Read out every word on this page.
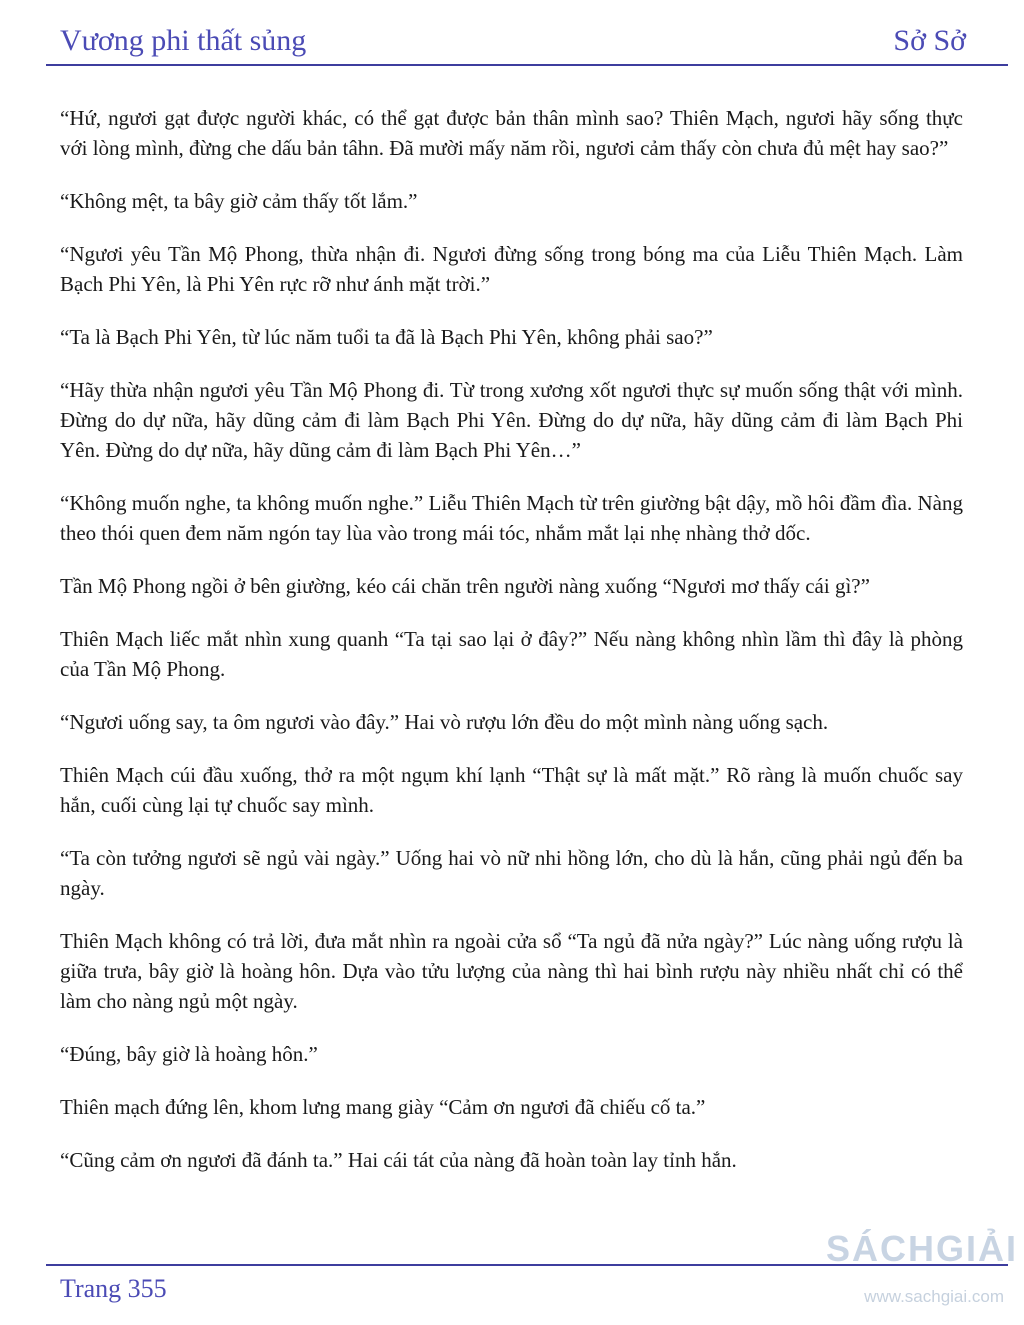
Vương phi thất sủng	Sở Sở

“Hứ, ngươi gạt được người khác, có thể gạt được bản thân mình sao? Thiên Mạch, ngươi hãy sống thực với lòng mình, đừng che dấu bản tâhn. Đã mười mấy năm rồi, ngươi cảm thấy còn chưa đủ mệt hay sao?”

“Không mệt, ta bây giờ cảm thấy tốt lắm.”

“Ngươi yêu Tần Mộ Phong, thừa nhận đi. Ngươi đừng sống trong bóng ma của Liễu Thiên Mạch. Làm Bạch Phi Yên, là Phi Yên rực rỡ như ánh mặt trời.”

“Ta là Bạch Phi Yên, từ lúc năm tuổi ta đã là Bạch Phi Yên, không phải sao?”

“Hãy thừa nhận ngươi yêu Tần Mộ Phong đi. Từ trong xương xốt ngươi thực sự muốn sống thật với mình. Đừng do dự nữa, hãy dũng cảm đi làm Bạch Phi Yên. Đừng do dự nữa, hãy dũng cảm đi làm Bạch Phi Yên. Đừng do dự nữa, hãy dũng cảm đi làm Bạch Phi Yên…”

“Không muốn nghe, ta không muốn nghe.” Liễu Thiên Mạch từ trên giường bật dậy, mồ hôi đầm đìa. Nàng theo thói quen đem năm ngón tay lùa vào trong mái tóc, nhắm mắt lại nhẹ nhàng thở dốc.

Tần Mộ Phong ngồi ở bên giường, kéo cái chăn trên người nàng xuống “Ngươi mơ thấy cái gì?”

Thiên Mạch liếc mắt nhìn xung quanh “Ta tại sao lại ở đây?” Nếu nàng không nhìn lầm thì đây là phòng của Tần Mộ Phong.

“Ngươi uống say, ta ôm ngươi vào đây.” Hai vò rượu lớn đều do một mình nàng uống sạch.

Thiên Mạch cúi đầu xuống, thở ra một ngụm khí lạnh “Thật sự là mất mặt.” Rõ ràng là muốn chuốc say hắn, cuối cùng lại tự chuốc say mình.

“Ta còn tưởng ngươi sẽ ngủ vài ngày.” Uống hai vò nữ nhi hồng lớn, cho dù là hắn, cũng phải ngủ đến ba ngày.

Thiên Mạch không có trả lời, đưa mắt nhìn ra ngoài cửa sổ “Ta ngủ đã nửa ngày?” Lúc nàng uống rượu là giữa trưa, bây giờ là hoàng hôn. Dựa vào tửu lượng của nàng thì hai bình rượu này nhiều nhất chỉ có thể làm cho nàng ngủ một ngày.

“Đúng, bây giờ là hoàng hôn.”

Thiên mạch đứng lên, khom lưng mang giày “Cảm ơn ngươi đã chiếu cố ta.”

“Cũng cảm ơn ngươi đã đánh ta.” Hai cái tát của nàng đã hoàn toàn lay tỉnh hắn.

Trang 355
SÁCHGIẢI
www.sachgiai.com
